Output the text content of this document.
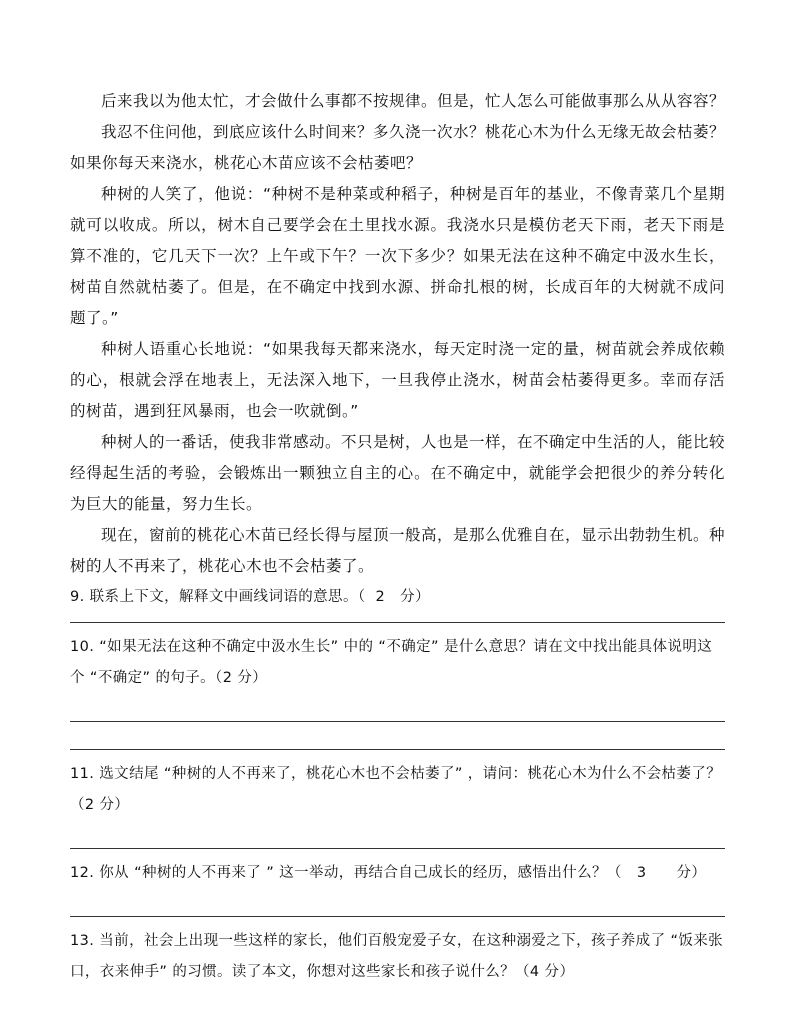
后来我以为他太忙，才会做什么事都不按规律。但是，忙人怎么可能做事那么从从容容？

我忍不住问他，到底应该什么时间来？多久浇一次水？桃花心木为什么无缘无故会枯萎？如果你每天来浇水，桃花心木苗应该不会枯萎吧？

种树的人笑了，他说：“种树不是种菜或种稻子，种树是百年的基业，不像青菜几个星期就可以收成。所以，树木自己要学会在土里找水源。我浇水只是模仿老天下雨，老天下雨是算不准的，它几天下一次？上午或下午？一次下多少？如果无法在这种不确定中汲水生长，树苗自然就枯萎了。但是，在不确定中找到水源、拼命扎根的树，长成百年的大树就不成问题了。”

种树人语重心长地说：“如果我每天都来浇水，每天定时浇一定的量，树苗就会养成依赖的心，根就会浮在地表上，无法深入地下，一旦我停止浇水，树苗会枯萎得更多。幸而存活的树苗，遇到狂风暴雨，也会一吹就倒。”

种树人的一番话，使我非常感动。不只是树，人也是一样，在不确定中生活的人，能比较经得起生活的考验，会锻炼出一颗独立自主的心。在不确定中，就能学会把很少的养分转化为巨大的能量，努力生长。

现在，窗前的桃花心木苗已经长得与屋顶一般高，是那么优雅自在，显示出勃勃生机。种树的人不再来了，桃花心木也不会枯萎了。

9. 联系上下文，解释文中画线词语的意思。（  2   分）

10. “如果无法在这种不确定中汲水生长” 中的 “不确定” 是什么意思？请在文中找出能具体说明这个 “不确定” 的句子。（2 分）

11. 选文结尾 “种树的人不再来了，桃花心木也不会枯萎了” ，请问：桃花心木为什么不会枯萎了？（2 分）

12. 你从 “种树的人不再来了 ” 这一举动，再结合自己成长的经历，感悟出什么？（   3      分）

13. 当前，社会上出现一些这样的家长，他们百般宠爱子女，在这种溺爱之下，孩子养成了 “饭来张口，衣来伸手” 的习惯。读了本文，你想对这些家长和孩子说什么？（4 分）
